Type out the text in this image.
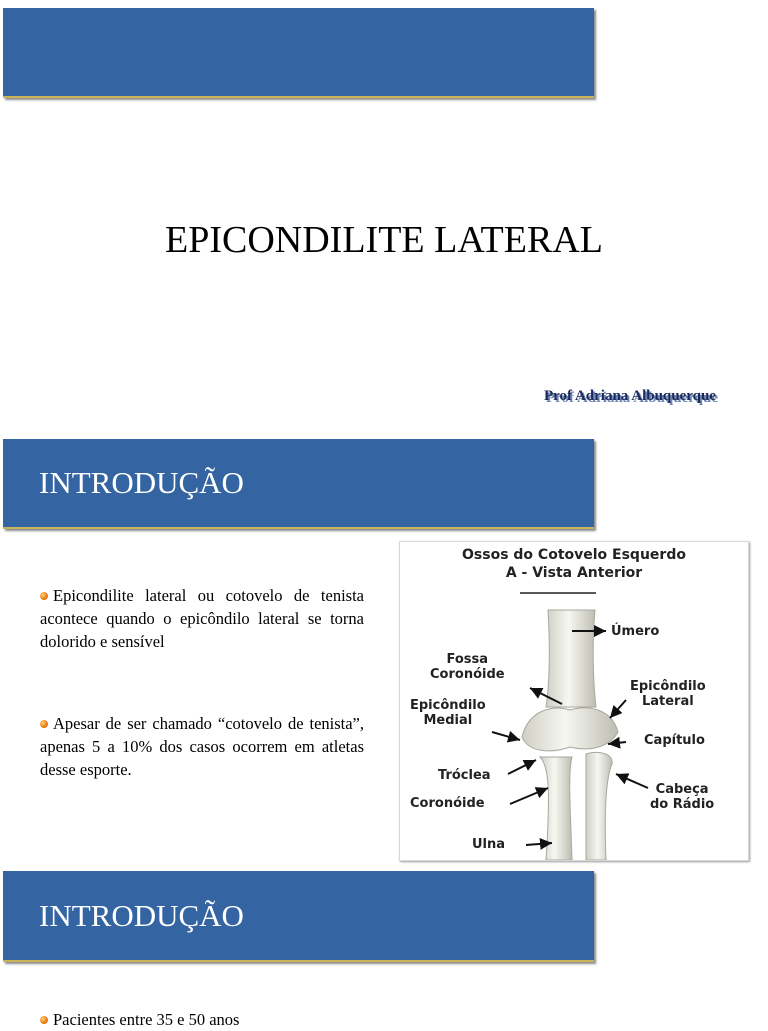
EPICONDILITE LATERAL
Prof Adriana Albuquerque
INTRODUÇÃO
Epicondilite lateral ou cotovelo de tenista acontece quando o epicôndilo lateral se torna dolorido e sensível
Apesar de ser chamado “cotovelo de tenista”, apenas 5 a 10% dos casos ocorrem em atletas desse esporte.
Ossos do Cotovelo Esquerdo
A - Vista Anterior
Úmero
Fossa
Coronóide
Epicôndilo
Medial
Epicôndilo
Lateral
Capítulo
Tróclea
Coronóide
Cabeça
do Rádio
Ulna
INTRODUÇÃO
Pacientes entre 35 e 50 anos
